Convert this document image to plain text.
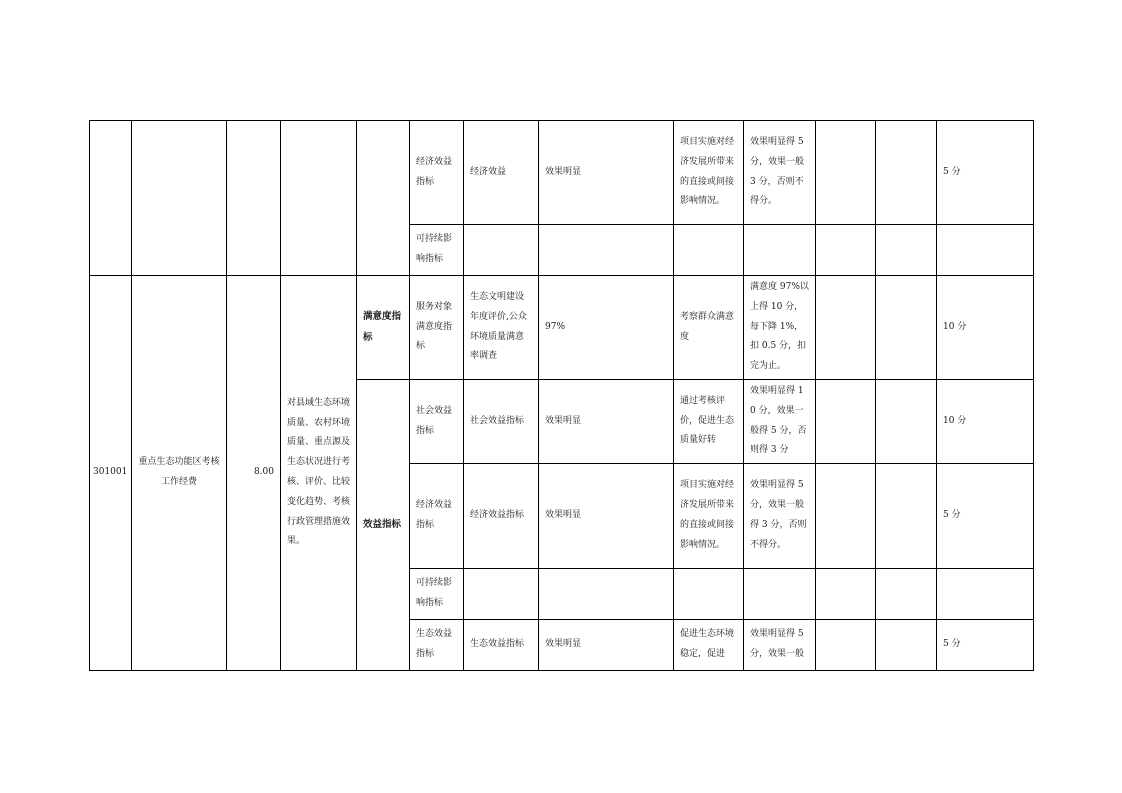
					经济效益指标	经济效益	效果明显	项目实施对经济发展所带来的直接或间接影响情况。	效果明显得 5 分，效果一般 3 分，否则不得分。			5 分
					可持续影响指标							
301001	重点生态功能区考核工作经费	8.00	对县域生态环境质量、农村环境质量、重点源及生态状况进行考核、评价、比较变化趋势、考核行政管理措施效果。	满意度指标	服务对象满意度指标	生态文明建设年度评价,公众环境质量满意率调查	97%	考察群众满意度	满意度 97%以上得 10 分，每下降 1%，扣 0.5 分，扣完为止。			10 分
				效益指标	社会效益指标	社会效益指标	效果明显	通过考核评价，促进生态质量好转	效果明显得 10 分，效果一般得 5 分，否则得 3 分			10 分
					经济效益指标	经济效益指标	效果明显	项目实施对经济发展所带来的直接或间接影响情况。	效果明显得 5 分，效果一般得 3 分，否则不得分。			5 分
					可持续影响指标							
					生态效益指标	生态效益指标	效果明显	促进生态环境稳定，促进	效果明显得 5 分，效果一般			5 分
